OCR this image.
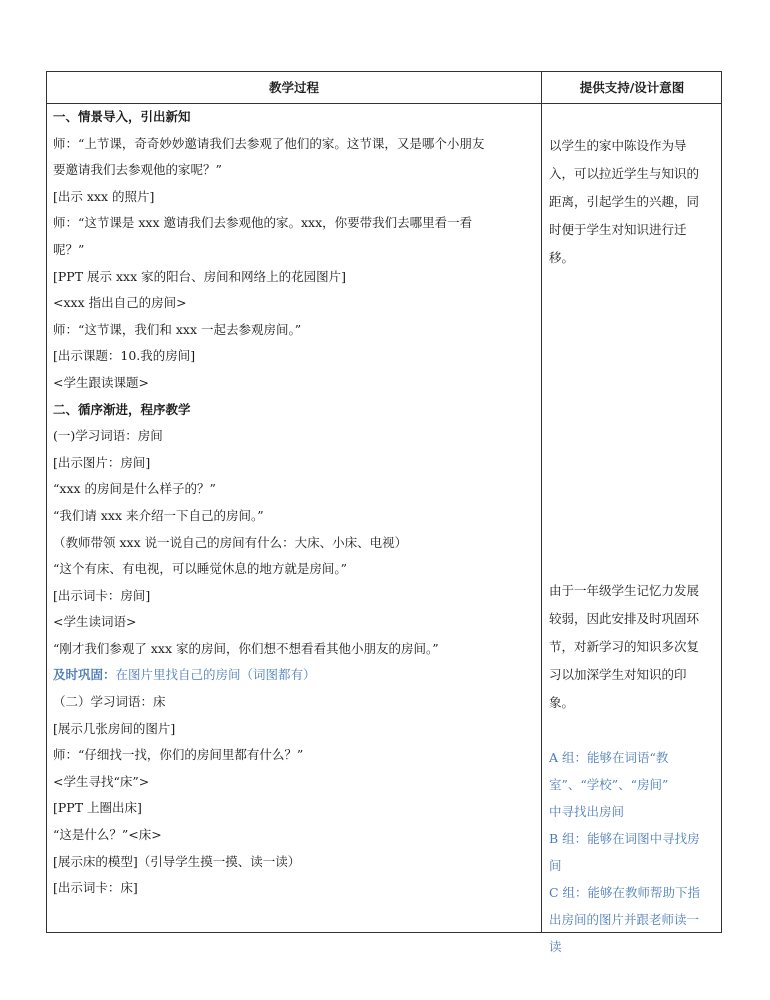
教学过程	提供支持/设计意图
一、情景导入，引出新知
师：“上节课，奇奇妙妙邀请我们去参观了他们的家。这节课，又是哪个小朋友
要邀请我们去参观他的家呢？”
[出示 xxx 的照片]
师：“这节课是 xxx 邀请我们去参观他的家。xxx，你要带我们去哪里看一看
呢？”
[PPT 展示 xxx 家的阳台、房间和网络上的花园图片]
<xxx 指出自己的房间>
师：“这节课，我们和 xxx 一起去参观房间。”
[出示课题：10.我的房间]
<学生跟读课题>
二、循序渐进，程序教学
(一)学习词语：房间
[出示图片：房间]
“xxx 的房间是什么样子的？”
“我们请 xxx 来介绍一下自己的房间。”
（教师带领 xxx 说一说自己的房间有什么：大床、小床、电视）
“这个有床、有电视，可以睡觉休息的地方就是房间。”
[出示词卡：房间]
<学生读词语>
“刚才我们参观了 xxx 家的房间，你们想不想看看其他小朋友的房间。”
及时巩固：在图片里找自己的房间（词图都有）
（二）学习词语：床
[展示几张房间的图片]
师：“仔细找一找，你们的房间里都有什么？”
<学生寻找“床”>
[PPT 上圈出床]
“这是什么？”<床>
[展示床的模型]（引导学生摸一摸、读一读）
[出示词卡：床]
以学生的家中陈设作为导
入，可以拉近学生与知识的
距离，引起学生的兴趣，同
时便于学生对知识进行迁
移。
由于一年级学生记忆力发展
较弱，因此安排及时巩固环
节，对新学习的知识多次复
习以加深学生对知识的印
象。
A 组：能够在词语“教
室”、“学校”、“房间”
中寻找出房间
B 组：能够在词图中寻找房
间
C 组：能够在教师帮助下指
出房间的图片并跟老师读一
读
